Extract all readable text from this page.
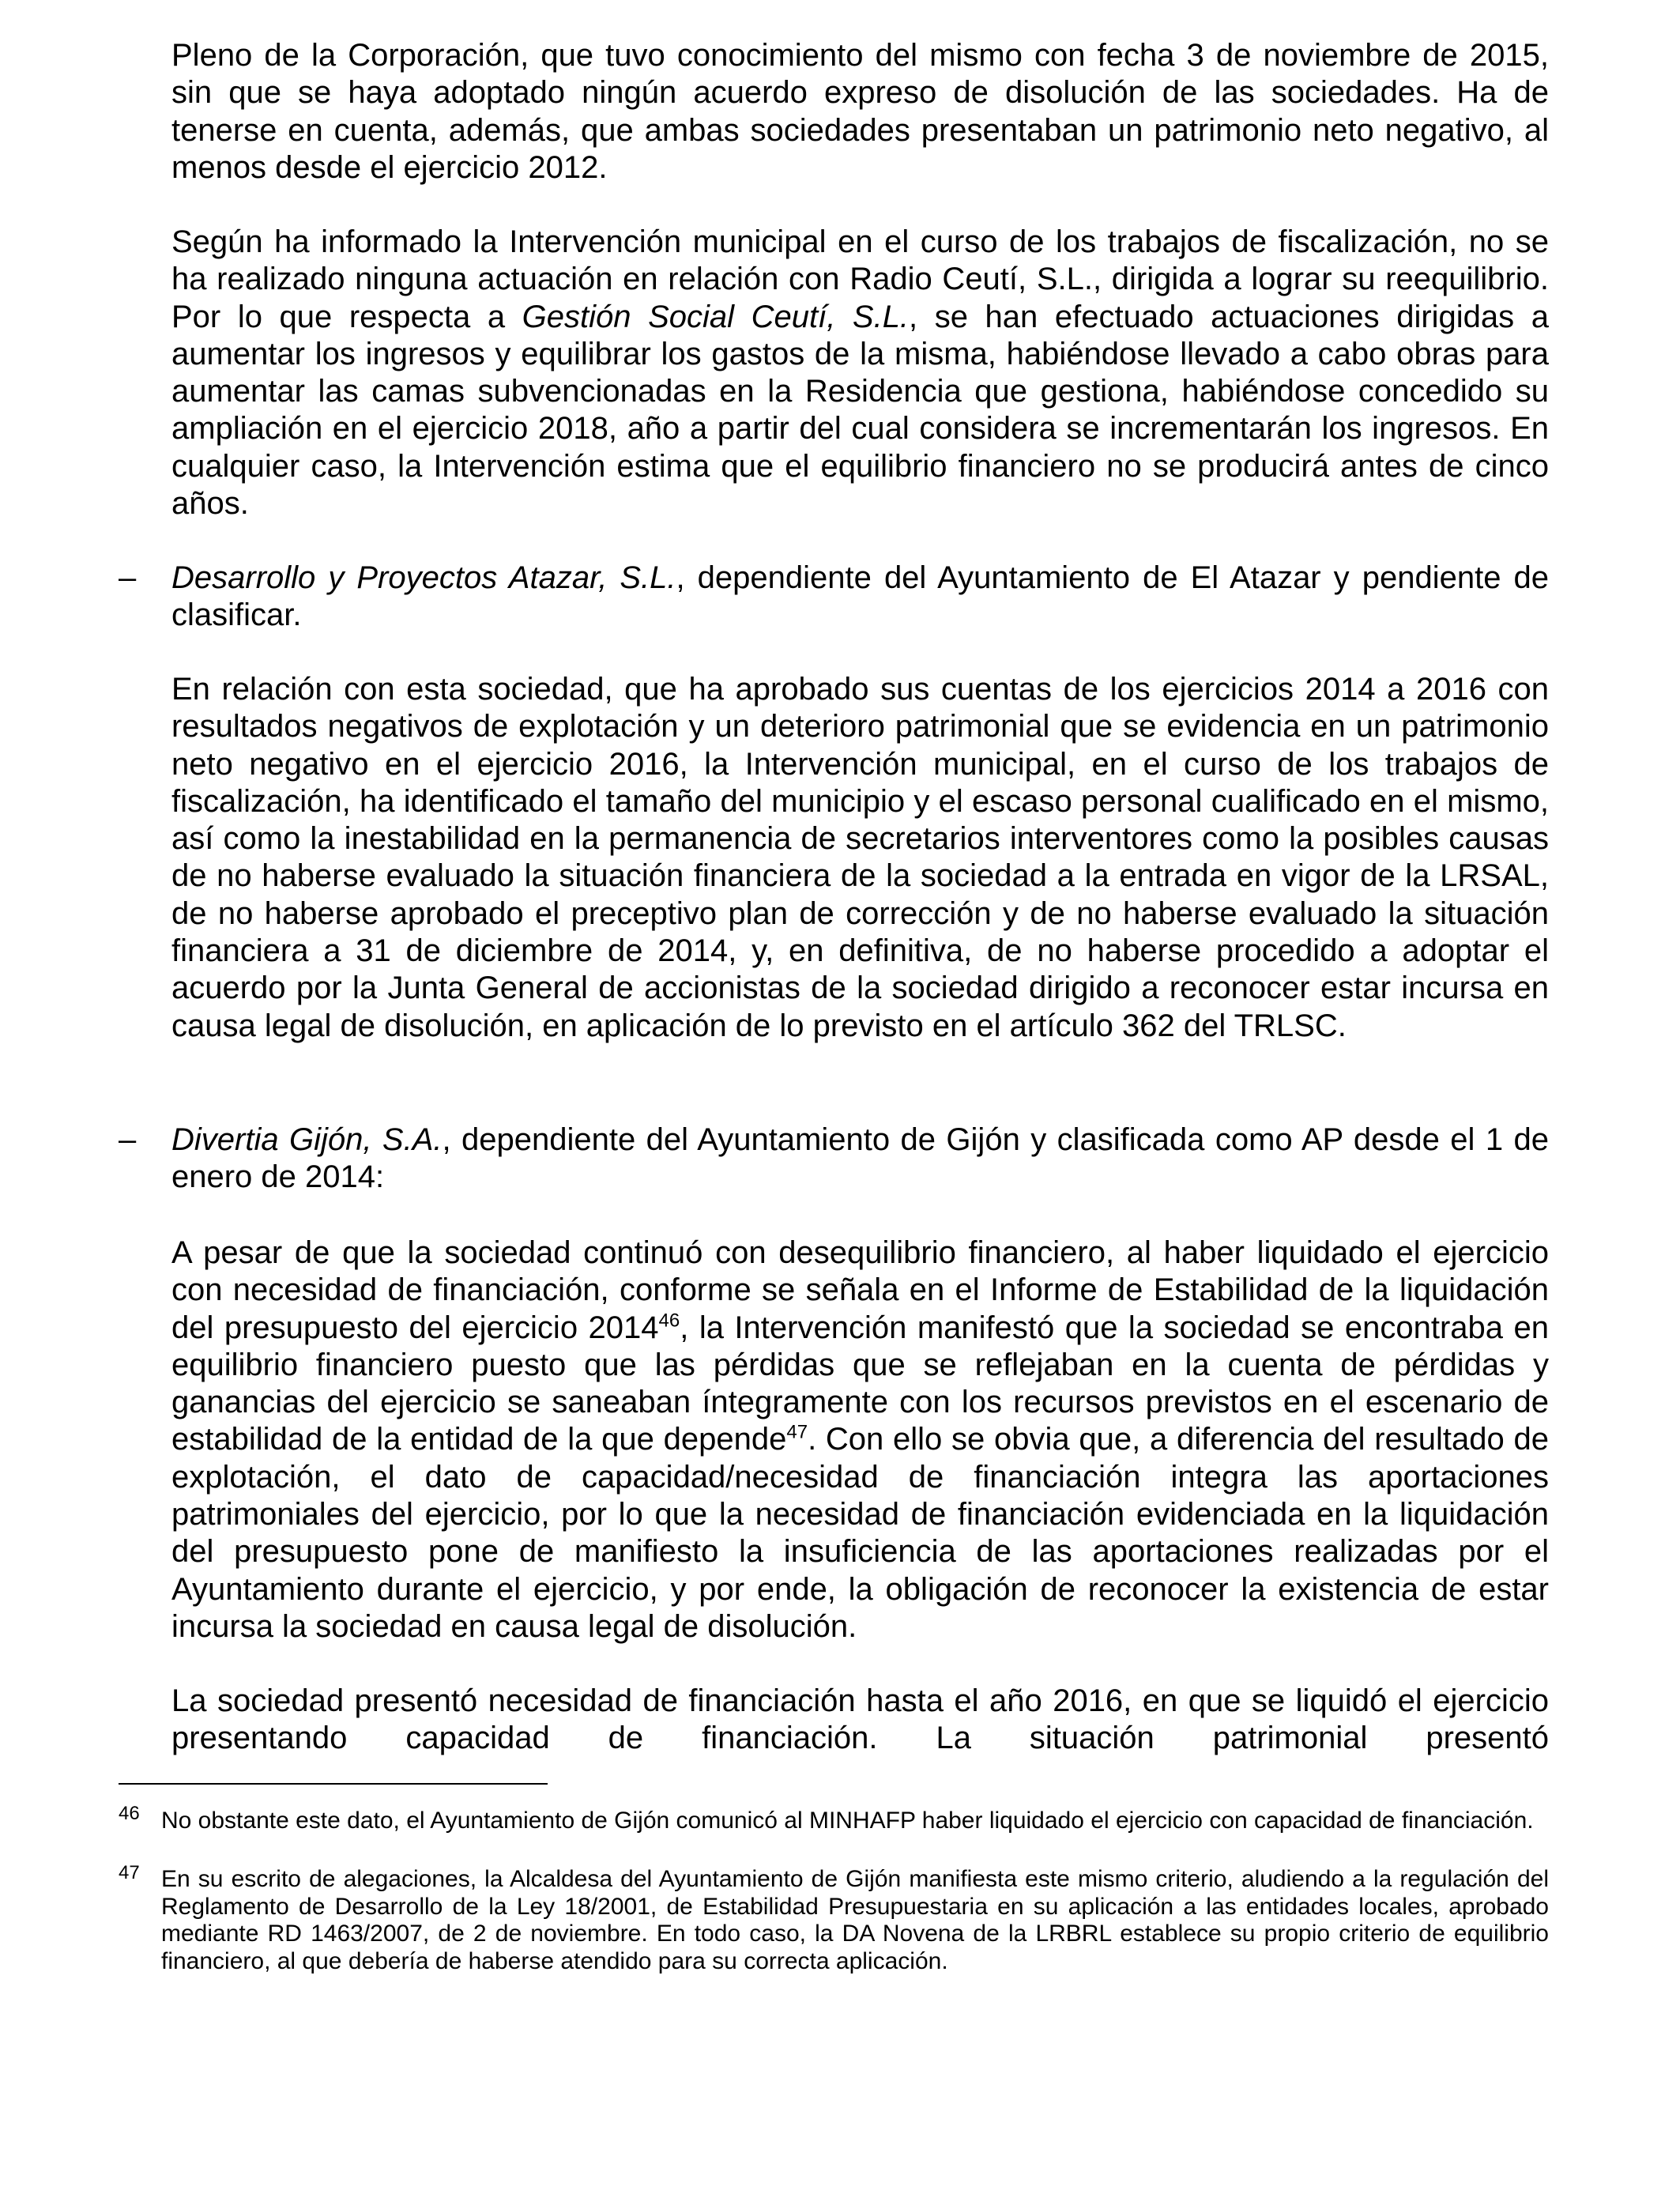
Pleno de la Corporación, que tuvo conocimiento del mismo con fecha 3 de noviembre de 2015, sin que se haya adoptado ningún acuerdo expreso de disolución de las sociedades. Ha de tenerse en cuenta, además, que ambas sociedades presentaban un patrimonio neto negativo, al menos desde el ejercicio 2012.

Según ha informado la Intervención municipal en el curso de los trabajos de fiscalización, no se ha realizado ninguna actuación en relación con Radio Ceutí, S.L., dirigida a lograr su reequilibrio. Por lo que respecta a Gestión Social Ceutí, S.L., se han efectuado actuaciones dirigidas a aumentar los ingresos y equilibrar los gastos de la misma, habiéndose llevado a cabo obras para aumentar las camas subvencionadas en la Residencia que gestiona, habiéndose concedido su ampliación en el ejercicio 2018, año a partir del cual considera se incrementarán los ingresos. En cualquier caso, la Intervención estima que el equilibrio financiero no se producirá antes de cinco años.

– Desarrollo y Proyectos Atazar, S.L., dependiente del Ayuntamiento de El Atazar y pendiente de clasificar.

En relación con esta sociedad, que ha aprobado sus cuentas de los ejercicios 2014 a 2016 con resultados negativos de explotación y un deterioro patrimonial que se evidencia en un patrimonio neto negativo en el ejercicio 2016, la Intervención municipal, en el curso de los trabajos de fiscalización, ha identificado el tamaño del municipio y el escaso personal cualificado en el mismo, así como la inestabilidad en la permanencia de secretarios interventores como la posibles causas de no haberse evaluado la situación financiera de la sociedad a la entrada en vigor de la LRSAL, de no haberse aprobado el preceptivo plan de corrección y de no haberse evaluado la situación financiera a 31 de diciembre de 2014, y, en definitiva, de no haberse procedido a adoptar el acuerdo por la Junta General de accionistas de la sociedad dirigido a reconocer estar incursa en causa legal de disolución, en aplicación de lo previsto en el artículo 362 del TRLSC.

– Divertia Gijón, S.A., dependiente del Ayuntamiento de Gijón y clasificada como AP desde el 1 de enero de 2014:

A pesar de que la sociedad continuó con desequilibrio financiero, al haber liquidado el ejercicio con necesidad de financiación, conforme se señala en el Informe de Estabilidad de la liquidación del presupuesto del ejercicio 2014$^{46}$, la Intervención manifestó que la sociedad se encontraba en equilibrio financiero puesto que las pérdidas que se reflejaban en la cuenta de pérdidas y ganancias del ejercicio se saneaban íntegramente con los recursos previstos en el escenario de estabilidad de la entidad de la que depende$^{47}$. Con ello se obvia que, a diferencia del resultado de explotación, el dato de capacidad/necesidad de financiación integra las aportaciones patrimoniales del ejercicio, por lo que la necesidad de financiación evidenciada en la liquidación del presupuesto pone de manifiesto la insuficiencia de las aportaciones realizadas por el Ayuntamiento durante el ejercicio, y por ende, la obligación de reconocer la existencia de estar incursa la sociedad en causa legal de disolución.

La sociedad presentó necesidad de financiación hasta el año 2016, en que se liquidó el ejercicio presentando capacidad de financiación. La situación patrimonial presentó

46 No obstante este dato, el Ayuntamiento de Gijón comunicó al MINHAFP haber liquidado el ejercicio con capacidad de financiación.

47 En su escrito de alegaciones, la Alcaldesa del Ayuntamiento de Gijón manifiesta este mismo criterio, aludiendo a la regulación del Reglamento de Desarrollo de la Ley 18/2001, de Estabilidad Presupuestaria en su aplicación a las entidades locales, aprobado mediante RD 1463/2007, de 2 de noviembre. En todo caso, la DA Novena de la LRBRL establece su propio criterio de equilibrio financiero, al que debería de haberse atendido para su correcta aplicación.
